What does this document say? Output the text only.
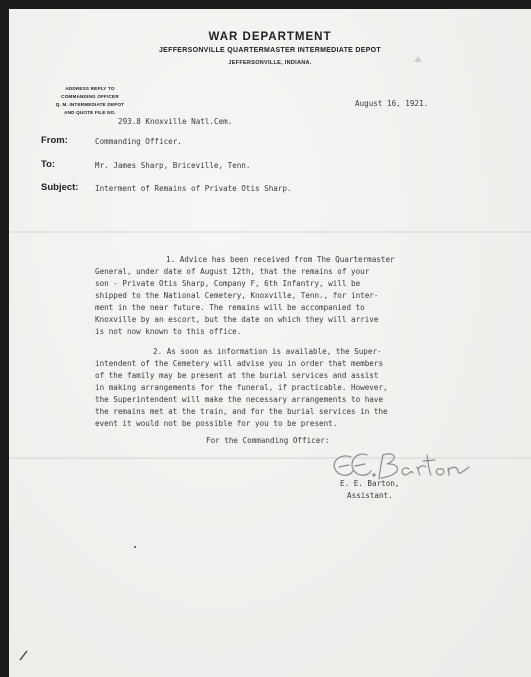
WAR DEPARTMENT
JEFFERSONVILLE QUARTERMASTER INTERMEDIATE DEPOT
JEFFERSONVILLE, INDIANA.
ADDRESS REPLY TO
COMMANDING OFFICER
Q. M. INTERMEDIATE DEPOT
AND QUOTE FILE NO.
August 16, 1921.
293.8 Knoxville Natl.Cem.
From:	Commanding Officer.
To:	Mr. James Sharp, Briceville, Tenn.
Subject: Interment of Remains of Private Otis Sharp.
1. Advice has been received from The Quartermaster
General, under date of August 12th, that the remains of your
son - Private Otis Sharp, Company F, 6th Infantry, will be
shipped to the National Cemetery, Knoxville, Tenn., for inter-
ment in the near future. The remains will be accompanied to
Knoxville by an escort, but the date on which they will arrive
is not now known to this office.
2. As soon as information is available, the Super-
intendent of the Cemetery will advise you in order that members
of the family may be present at the burial services and assist
in making arrangements for the funeral, if practicable. However,
the Superintendent will make the necessary arrangements to have
the remains met at the train, and for the burial services in the
event it would not be possible for you to be present.
For the Commanding Officer:
E. E. Barton,
Assistant.
